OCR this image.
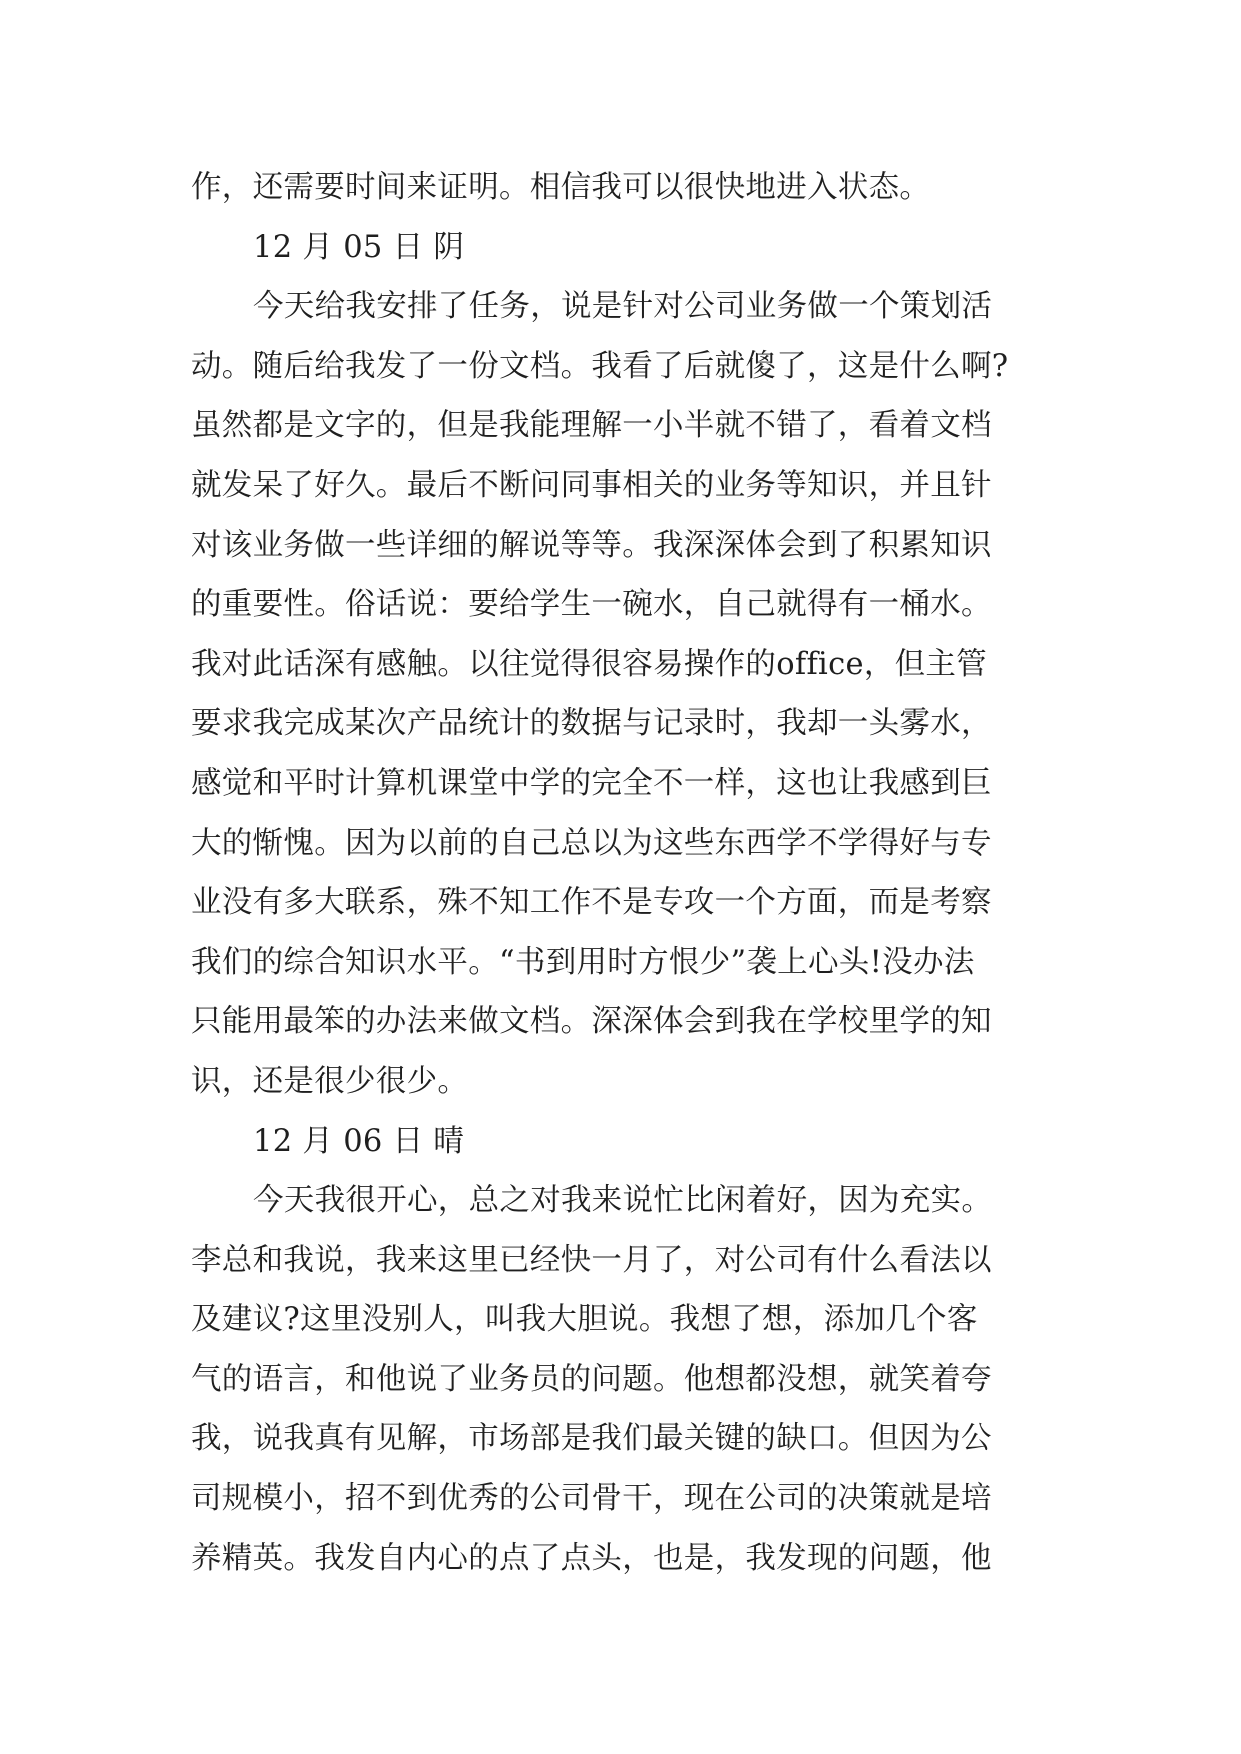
作，还需要时间来证明。相信我可以很快地进入状态。
12 月 05 日 阴
今天给我安排了任务，说是针对公司业务做一个策划活
动。随后给我发了一份文档。我看了后就傻了，这是什么啊?
虽然都是文字的，但是我能理解一小半就不错了，看着文档
就发呆了好久。最后不断问同事相关的业务等知识，并且针
对该业务做一些详细的解说等等。我深深体会到了积累知识
的重要性。俗话说：要给学生一碗水，自己就得有一桶水。
我对此话深有感触。以往觉得很容易操作的office，但主管
要求我完成某次产品统计的数据与记录时，我却一头雾水，
感觉和平时计算机课堂中学的完全不一样，这也让我感到巨
大的惭愧。因为以前的自己总以为这些东西学不学得好与专
业没有多大联系，殊不知工作不是专攻一个方面，而是考察
我们的综合知识水平。“书到用时方恨少”袭上心头!没办法
只能用最笨的办法来做文档。深深体会到我在学校里学的知
识，还是很少很少。
12 月 06 日 晴
今天我很开心，总之对我来说忙比闲着好，因为充实。
李总和我说，我来这里已经快一月了，对公司有什么看法以
及建议?这里没别人，叫我大胆说。我想了想，添加几个客
气的语言，和他说了业务员的问题。他想都没想，就笑着夸
我，说我真有见解，市场部是我们最关键的缺口。但因为公
司规模小，招不到优秀的公司骨干，现在公司的决策就是培
养精英。我发自内心的点了点头，也是，我发现的问题，他
